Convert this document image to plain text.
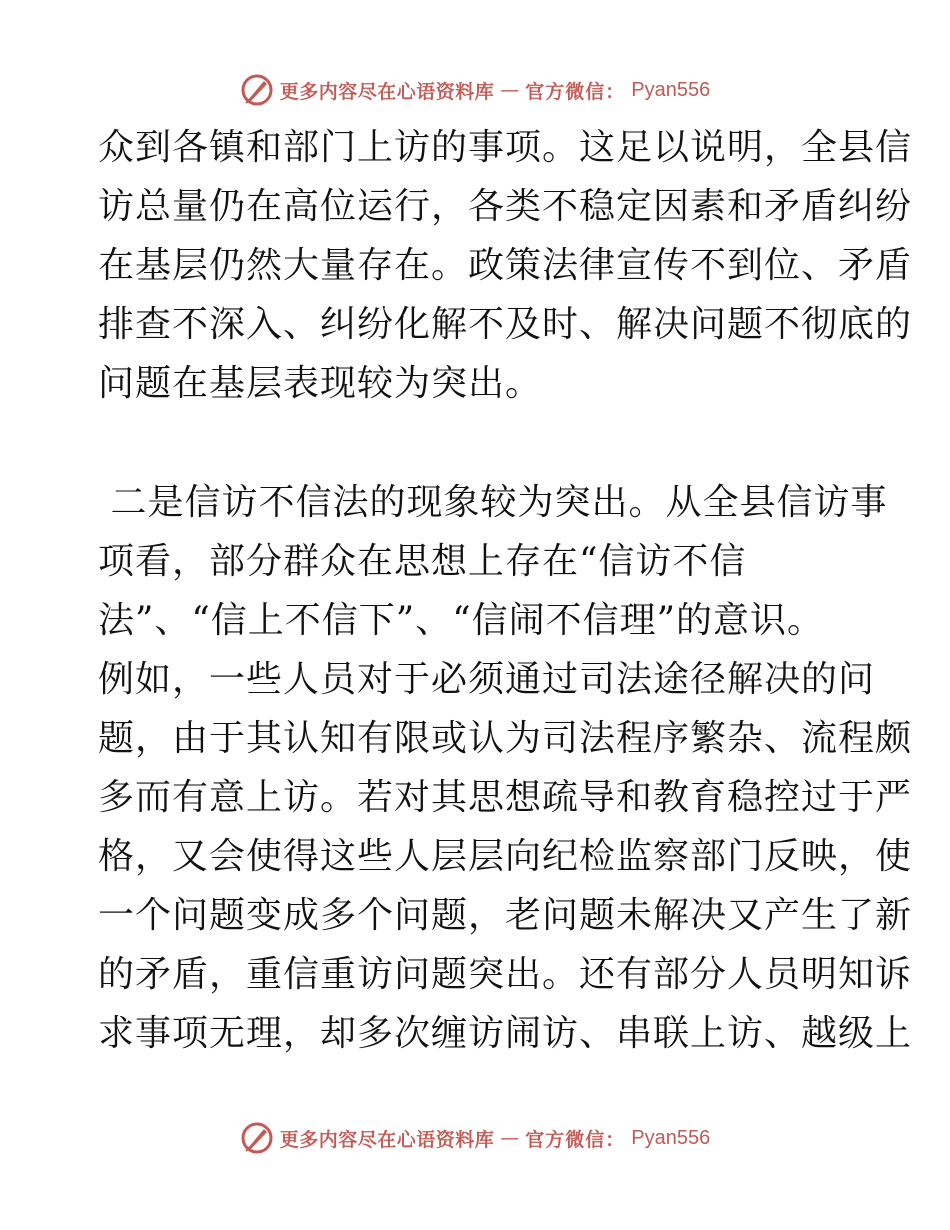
更多内容尽在心语资料库 — 官方微信： Pyan556
众到各镇和部门上访的事项。这足以说明，全县信
访总量仍在高位运行，各类不稳定因素和矛盾纠纷
在基层仍然大量存在。政策法律宣传不到位、矛盾
排查不深入、纠纷化解不及时、解决问题不彻底的
问题在基层表现较为突出。
二是信访不信法的现象较为突出。从全县信访事
项看，部分群众在思想上存在“信访不信
法”、“信上不信下”、“信闹不信理”的意识。
例如，一些人员对于必须通过司法途径解决的问
题，由于其认知有限或认为司法程序繁杂、流程颇
多而有意上访。若对其思想疏导和教育稳控过于严
格，又会使得这些人层层向纪检监察部门反映，使
一个问题变成多个问题，老问题未解决又产生了新
的矛盾，重信重访问题突出。还有部分人员明知诉
求事项无理，却多次缠访闹访、串联上访、越级上
更多内容尽在心语资料库 — 官方微信： Pyan556
